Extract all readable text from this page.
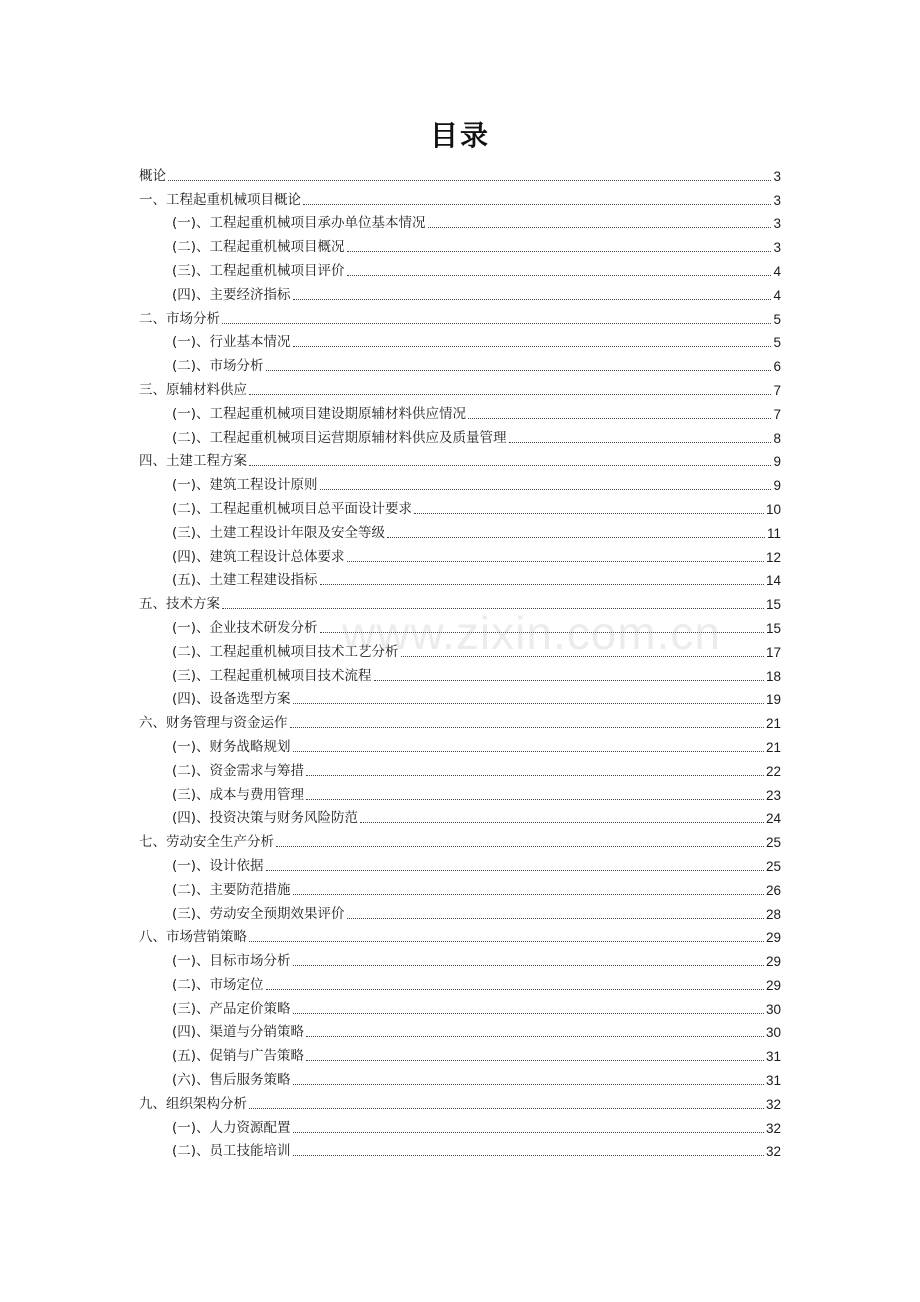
目录
概论	3
一、工程起重机械项目概论	3
(一)、工程起重机械项目承办单位基本情况	3
(二)、工程起重机械项目概况	3
(三)、工程起重机械项目评价	4
(四)、主要经济指标	4
二、市场分析	5
(一)、行业基本情况	5
(二)、市场分析	6
三、原辅材料供应	7
(一)、工程起重机械项目建设期原辅材料供应情况	7
(二)、工程起重机械项目运营期原辅材料供应及质量管理	8
四、土建工程方案	9
(一)、建筑工程设计原则	9
(二)、工程起重机械项目总平面设计要求	10
(三)、土建工程设计年限及安全等级	11
(四)、建筑工程设计总体要求	12
(五)、土建工程建设指标	14
五、技术方案	15
(一)、企业技术研发分析	15
(二)、工程起重机械项目技术工艺分析	17
(三)、工程起重机械项目技术流程	18
(四)、设备选型方案	19
六、财务管理与资金运作	21
(一)、财务战略规划	21
(二)、资金需求与筹措	22
(三)、成本与费用管理	23
(四)、投资决策与财务风险防范	24
七、劳动安全生产分析	25
(一)、设计依据	25
(二)、主要防范措施	26
(三)、劳动安全预期效果评价	28
八、市场营销策略	29
(一)、目标市场分析	29
(二)、市场定位	29
(三)、产品定价策略	30
(四)、渠道与分销策略	30
(五)、促销与广告策略	31
(六)、售后服务策略	31
九、组织架构分析	32
(一)、人力资源配置	32
(二)、员工技能培训	32
www.zixin.com.cn
